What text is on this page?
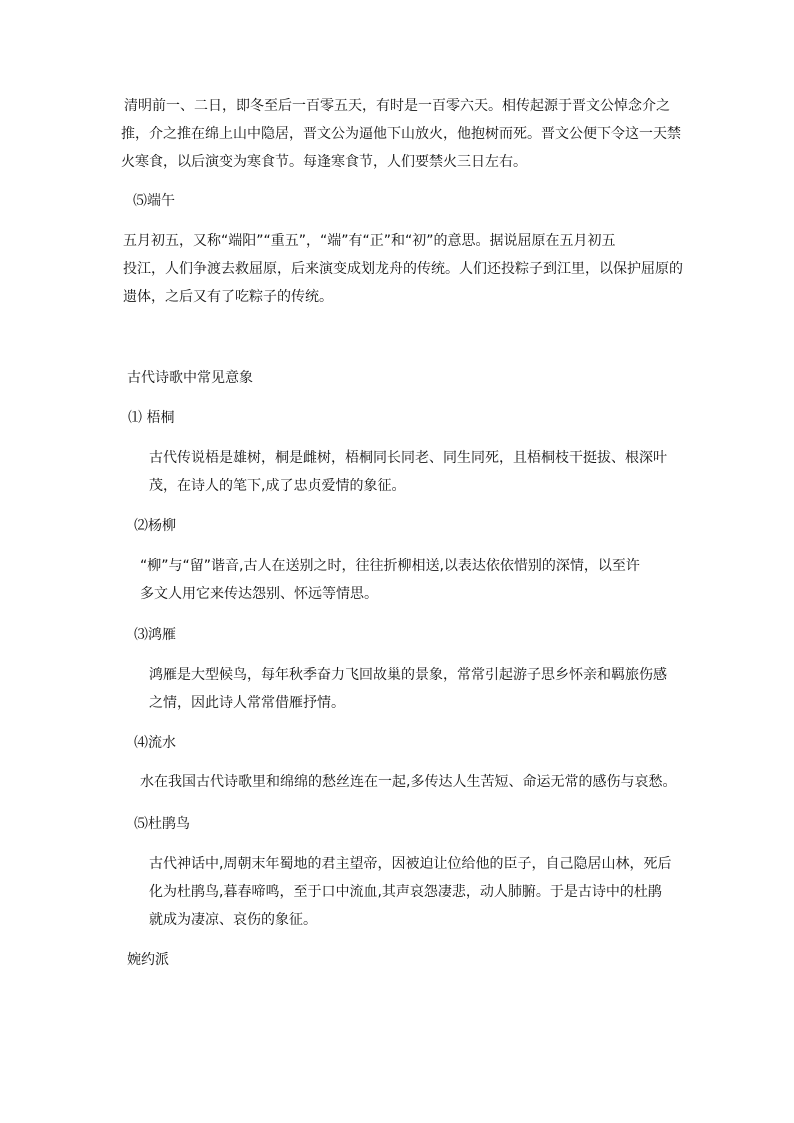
清明前一、二日，即冬至后一百零五天，有时是一百零六天。相传起源于晋文公悼念介之
推，介之推在绵上山中隐居，晋文公为逼他下山放火，他抱树而死。晋文公便下令这一天禁
火寒食，以后演变为寒食节。每逢寒食节，人们要禁火三日左右。
⑸端午
五月初五，又称“端阳”“重五”，“端”有“正”和“初”的意思。据说屈原在五月初五
投江，人们争渡去救屈原，后来演变成划龙舟的传统。人们还投粽子到江里，以保护屈原的
遗体，之后又有了吃粽子的传统。
古代诗歌中常见意象
⑴ 梧桐
古代传说梧是雄树，桐是雌树，梧桐同长同老、同生同死，且梧桐枝干挺拔、根深叶
茂，在诗人的笔下,成了忠贞爱情的象征。
⑵杨柳
“柳”与“留”谐音,古人在送别之时，往往折柳相送,以表达依依惜别的深情，以至许
多文人用它来传达怨别、怀远等情思。
⑶鸿雁
鸿雁是大型候鸟，每年秋季奋力飞回故巢的景象，常常引起游子思乡怀亲和羁旅伤感
之情，因此诗人常常借雁抒情。
⑷流水
水在我国古代诗歌里和绵绵的愁丝连在一起,多传达人生苦短、命运无常的感伤与哀愁。
⑸杜鹃鸟
古代神话中,周朝末年蜀地的君主望帝，因被迫让位给他的臣子，自己隐居山林，死后
化为杜鹃鸟,暮春啼鸣，至于口中流血,其声哀怨凄悲，动人肺腑。于是古诗中的杜鹃
就成为凄凉、哀伤的象征。
婉约派
